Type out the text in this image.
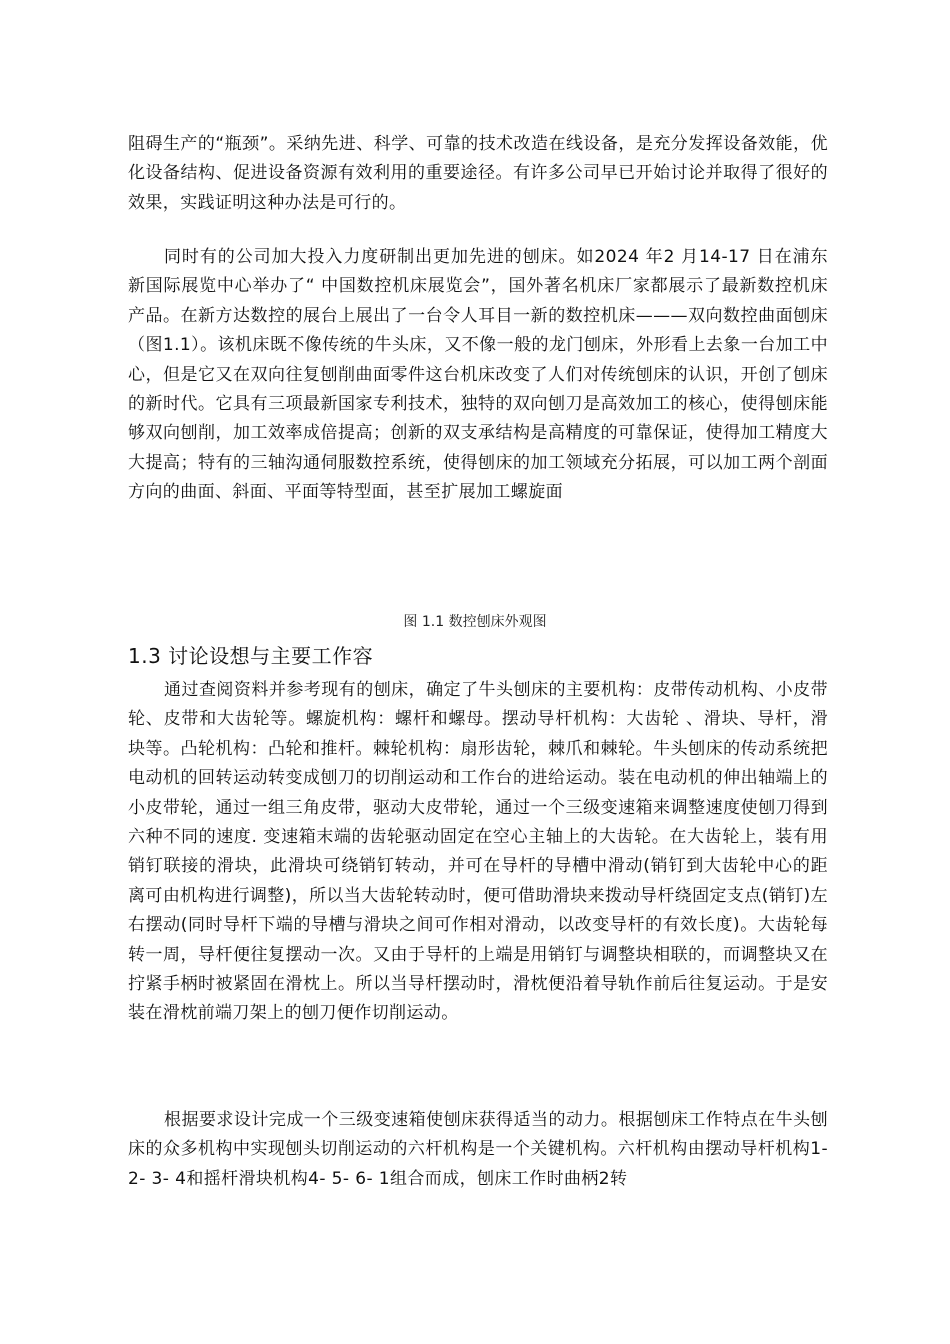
阻碍生产的“瓶颈”。采纳先进、科学、可靠的技术改造在线设备，是充分发挥设备效能，优化设备结构、促进设备资源有效利用的重要途径。有许多公司早已开始讨论并取得了很好的效果，实践证明这种办法是可行的。

同时有的公司加大投入力度研制出更加先进的刨床。如2024 年2 月14-17 日在浦东新国际展览中心举办了“ 中国数控机床展览会”，国外著名机床厂家都展示了最新数控机床产品。在新方达数控的展台上展出了一台令人耳目一新的数控机床———双向数控曲面刨床（图1.1）。该机床既不像传统的牛头床，又不像一般的龙门刨床，外形看上去象一台加工中心，但是它又在双向往复刨削曲面零件这台机床改变了人们对传统刨床的认识，开创了刨床的新时代。它具有三项最新国家专利技术，独特的双向刨刀是高效加工的核心，使得刨床能够双向刨削，加工效率成倍提高；创新的双支承结构是高精度的可靠保证，使得加工精度大大提高；特有的三轴沟通伺服数控系统，使得刨床的加工领域充分拓展，可以加工两个剖面方向的曲面、斜面、平面等特型面，甚至扩展加工螺旋面

图 1.1 数控刨床外观图
1.3 讨论设想与主要工作容

通过查阅资料并参考现有的刨床，确定了牛头刨床的主要机构：皮带传动机构、小皮带轮、皮带和大齿轮等。螺旋机构：螺杆和螺母。摆动导杆机构：大齿轮 、滑块、导杆，滑块等。凸轮机构：凸轮和推杆。棘轮机构：扇形齿轮，棘爪和棘轮。牛头刨床的传动系统把电动机的回转运动转变成刨刀的切削运动和工作台的进给运动。装在电动机的伸出轴端上的小皮带轮，通过一组三角皮带，驱动大皮带轮，通过一个三级变速箱来调整速度使刨刀得到六种不同的速度. 变速箱末端的齿轮驱动固定在空心主轴上的大齿轮。在大齿轮上，装有用销钉联接的滑块，此滑块可绕销钉转动，并可在导杆的导槽中滑动(销钉到大齿轮中心的距离可由机构进行调整)，所以当大齿轮转动时，便可借助滑块来拨动导杆绕固定支点(销钉)左右摆动(同时导杆下端的导槽与滑块之间可作相对滑动，以改变导杆的有效长度)。大齿轮每转一周，导杆便往复摆动一次。又由于导杆的上端是用销钉与调整块相联的，而调整块又在拧紧手柄时被紧固在滑枕上。所以当导杆摆动时，滑枕便沿着导轨作前后往复运动。于是安装在滑枕前端刀架上的刨刀便作切削运动。

根据要求设计完成一个三级变速箱使刨床获得适当的动力。根据刨床工作特点在牛头刨床的众多机构中实现刨头切削运动的六杆机构是一个关键机构。六杆机构由摆动导杆机构1- 2- 3- 4和摇杆滑块机构4- 5- 6- 1组合而成，刨床工作时曲柄2转
